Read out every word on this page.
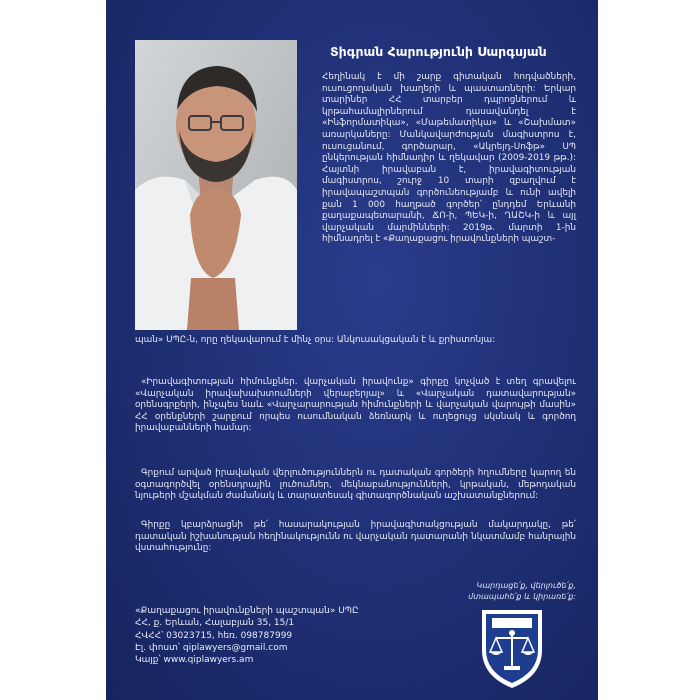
Տիգրան Հարությունի Սարգսյան
Հեղինակ է մի շարք գիտական հոդվածների, ուսուցողական խաղերի և պաստառների: Երկար տարիներ ՀՀ տարբեր դպրոցներում և կրթահամալիրներում դասավանդել է «Ինֆորմատիկա», «Մաթեմատիկա» և «Շախմատ» առարկաները: Մանկավարժության մագիստրոս է, ուսուցանում, գործարար, «Ակրեյդ-Սոֆթ» ՍՊ ընկերության հիմնադիր և ղեկավար (2009-2019 թթ.): Հայտնի իրավաբան է, իրավագիտության մագիստրոս, շուրջ 10 տարի զբաղվում է իրավապաշտպան գործունեությամբ և ունի ավելի քան 1 000 հաղթած գործեր՝ ընդդեմ Երևանի քաղաքապետարանի, ՃՈ-ի, ՊԵԿ-ի, ՂԱՇԿ-ի և այլ վարչական մարմինների: 2019թ. մարտի 1-ին հիմնադրել է «Քաղաքացու իրավունքների պաշտ-
պան» ՍՊԸ-ն, որը ղեկավարում է մինչ օրս: Անկուսակցական է և քրիստոնյա:

«Իրավագիտության հիմունքներ. վարչական իրավունք» գիրքը կոչված է տեղ գրավելու «Վարչական իրավախախտումների վերաբերյալ» և «Վարչական դատավարության» օրենսգրքերի, ինչպես նաև «Վարչարարության հիմունքների և վարչական վարույթի մասին» ՀՀ օրենքների շարքում որպես ուսումնական ձեռնարկ և ուղեցույց սկսնակ և գործող իրավաբանների համար:

Գրքում արված իրավական վերլուծություններն ու դատական գործերի հղումները կարող են օգտագործվել օրենսդրային լուծումներ, մեկնաբանությունների, կրթական, մեթոդական նյութերի մշակման ժամանակ և տարատեսակ գիտագործնական աշխատանքներում:

Գիրքը կբարձրացնի թե՛ հասարակության իրավագիտակցության մակարդակը, թե՛ դատական իշխանության հեղինակությունն ու վարչական դատարանի նկատմամբ հանրային վստահությունը:

Կարդացե՛ք, վերլուծե՛ք,
մտապահե՛ք և կիրառե՛ք:
«Քաղաքացու իրավունքների պաշտպան» ՍՊԸ
ՀՀ, ք. Երևան, Հալաբյան 35, 15/1
ՀՎՀՀ՝ 03023715, հեռ. 098787999
Էլ. փոստ՝ qiplawyers@gmail.com
Կայք՝ www.qiplawyers.am
